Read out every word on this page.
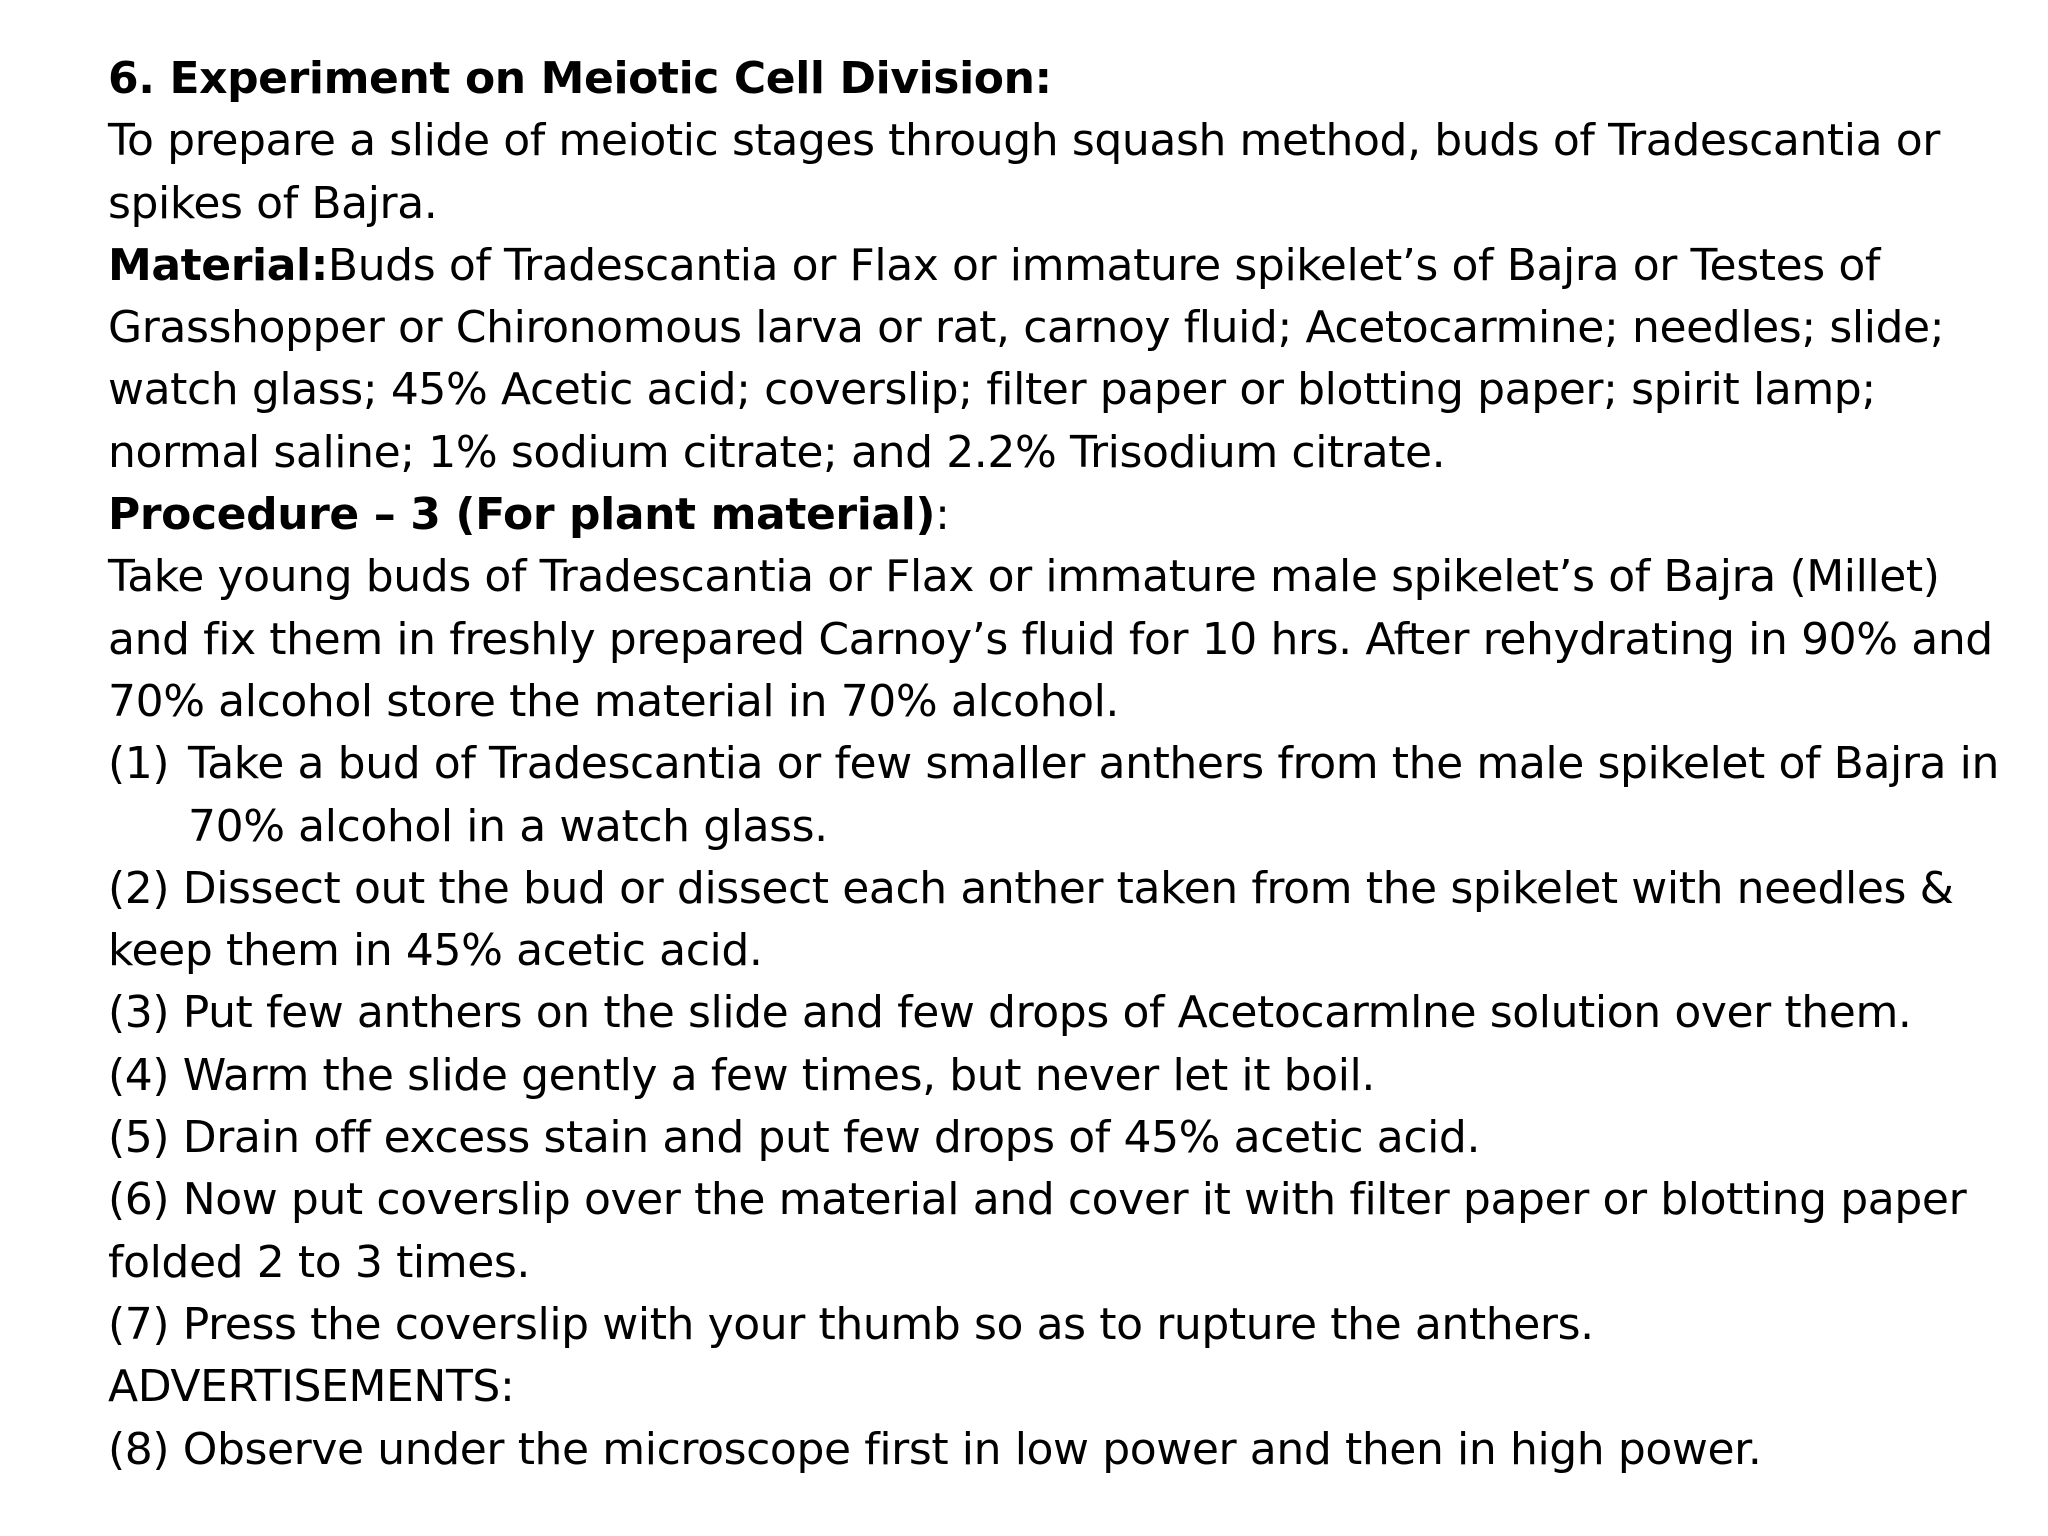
6. Experiment on Meiotic Cell Division:
To prepare a slide of meiotic stages through squash method, buds of Tradescantia or
spikes of Bajra.
Material:Buds of Tradescantia or Flax or immature spikelet’s of Bajra or Testes of
Grasshopper or Chironomous larva or rat, carnoy fluid; Acetocarmine; needles; slide;
watch glass; 45% Acetic acid; coverslip; filter paper or blotting paper; spirit lamp;
normal saline; 1% sodium citrate; and 2.2% Trisodium citrate.
Procedure – 3 (For plant material):
Take young buds of Tradescantia or Flax or immature male spikelet’s of Bajra (Millet)
and fix them in freshly prepared Carnoy’s fluid for 10 hrs. After rehydrating in 90% and
70% alcohol store the material in 70% alcohol.
(1) Take a bud of Tradescantia or few smaller anthers from the male spikelet of Bajra in
70% alcohol in a watch glass.
(2) Dissect out the bud or dissect each anther taken from the spikelet with needles &
keep them in 45% acetic acid.
(3) Put few anthers on the slide and few drops of Acetocarmlne solution over them.
(4) Warm the slide gently a few times, but never let it boil.
(5) Drain off excess stain and put few drops of 45% acetic acid.
(6) Now put coverslip over the material and cover it with filter paper or blotting paper
folded 2 to 3 times.
(7) Press the coverslip with your thumb so as to rupture the anthers.
ADVERTISEMENTS:
(8) Observe under the microscope first in low power and then in high power.
